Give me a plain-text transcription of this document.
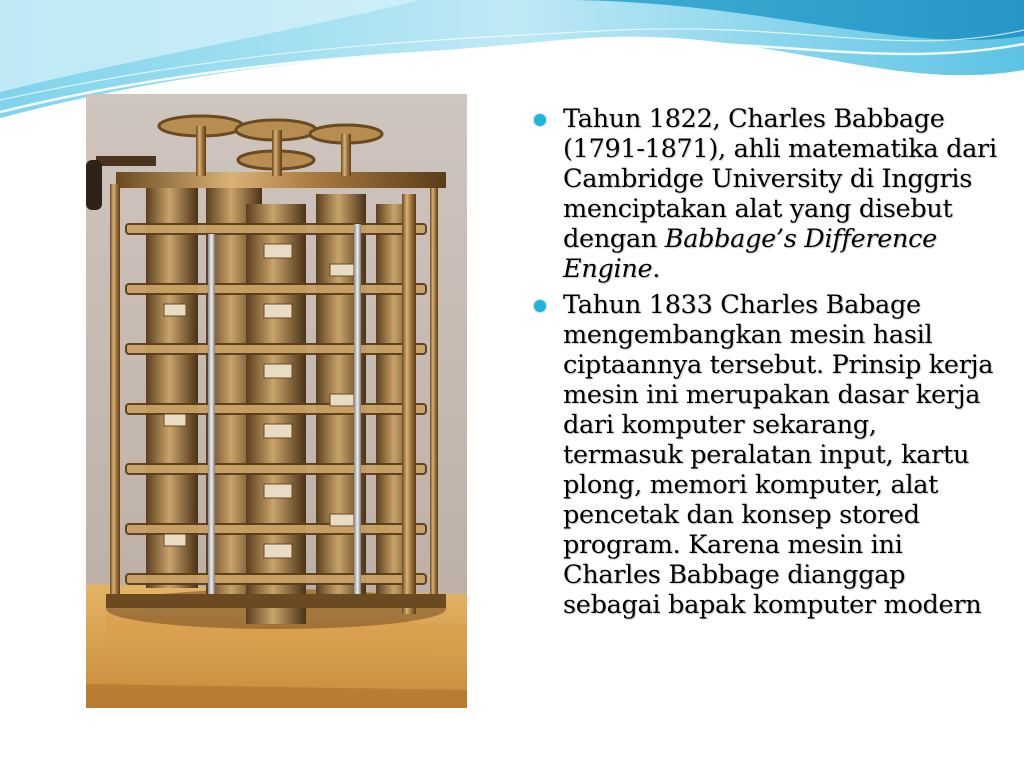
Tahun 1822, Charles Babbage (1791-1871), ahli matematika dari Cambridge University di Inggris menciptakan alat yang disebut dengan Babbage’s Difference Engine.
Tahun 1833 Charles Babage mengembangkan mesin hasil ciptaannya tersebut. Prinsip kerja mesin ini merupakan dasar kerja dari komputer sekarang, termasuk peralatan input, kartu plong, memori komputer, alat pencetak dan konsep stored program. Karena mesin ini Charles Babbage dianggap sebagai bapak komputer modern
